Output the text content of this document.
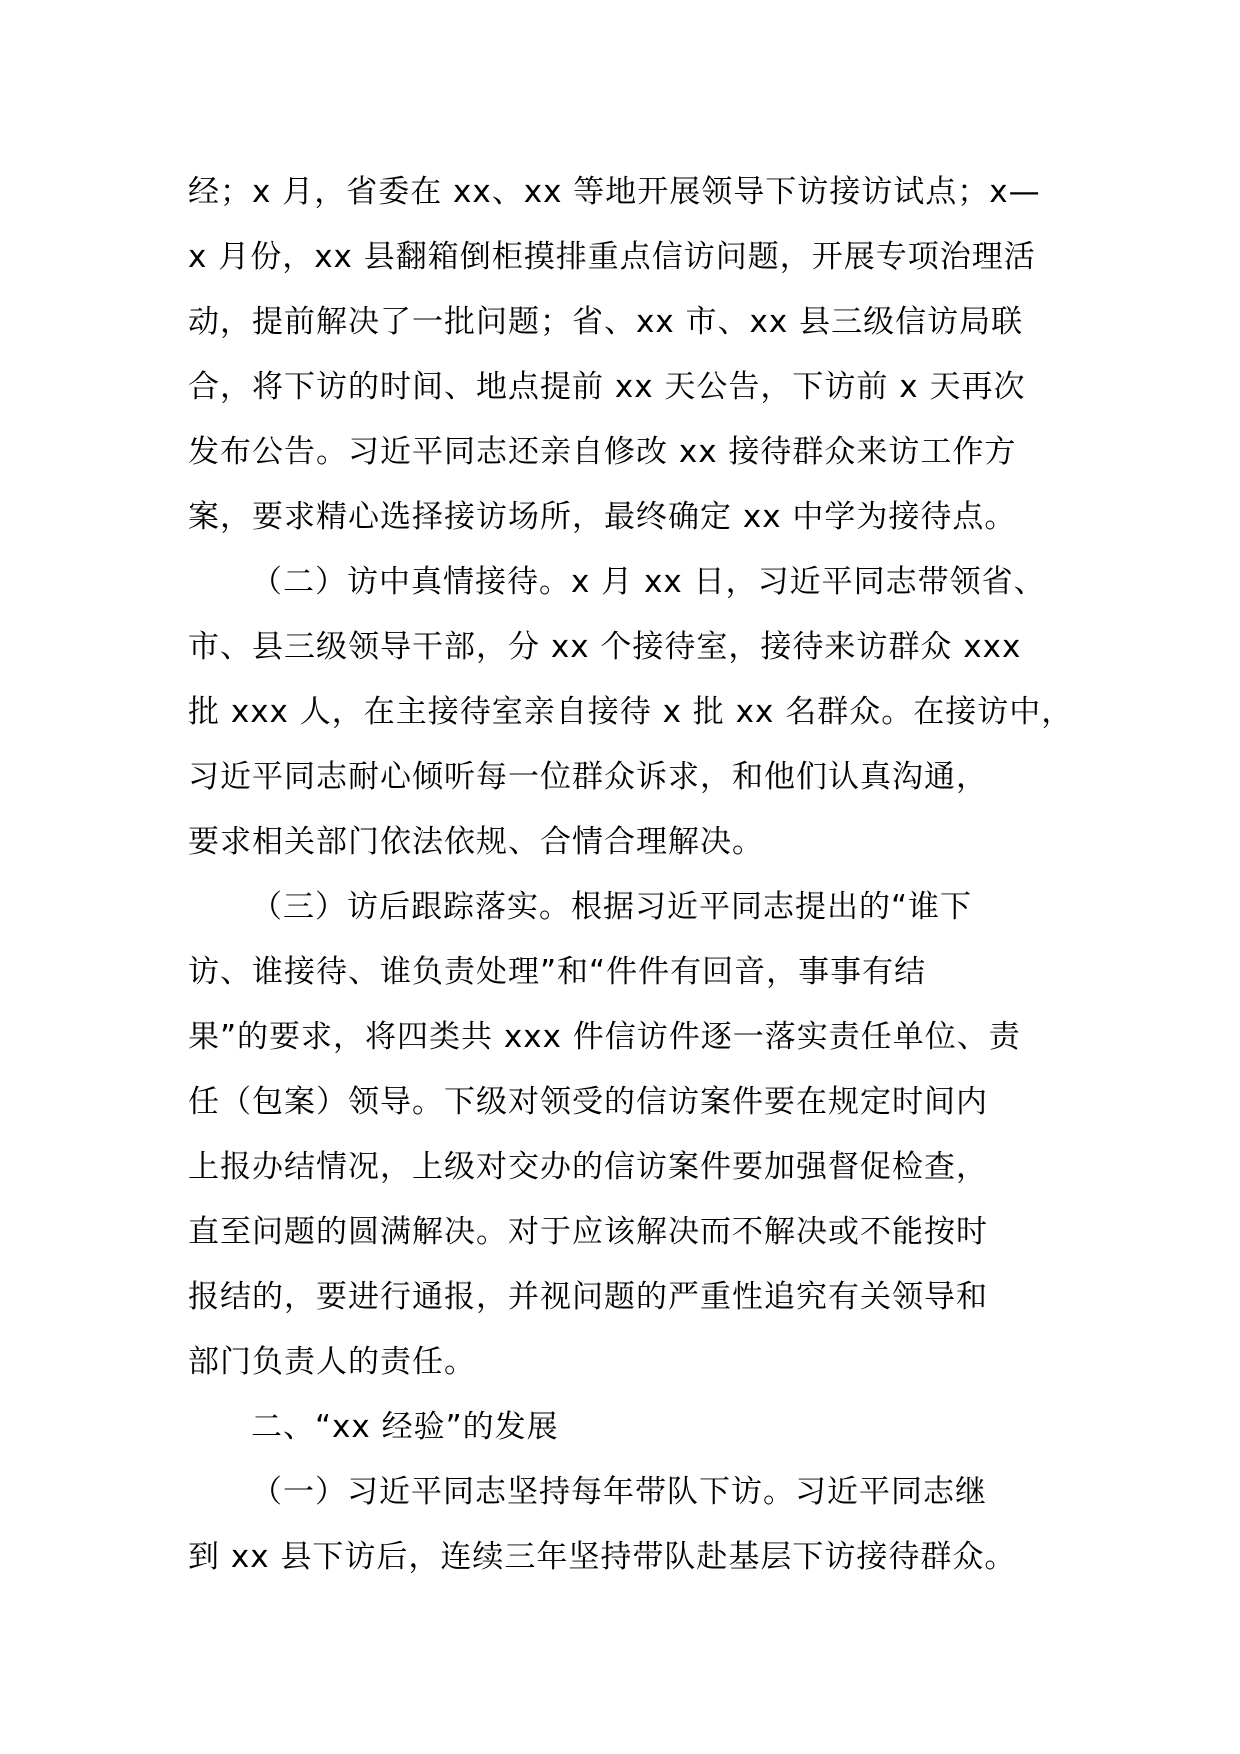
经；x 月，省委在 xx、xx 等地开展领导下访接访试点；x—
x 月份，xx 县翻箱倒柜摸排重点信访问题，开展专项治理活
动，提前解决了一批问题；省、xx 市、xx 县三级信访局联
合，将下访的时间、地点提前 xx 天公告，下访前 x 天再次
发布公告。习近平同志还亲自修改 xx 接待群众来访工作方
案，要求精心选择接访场所，最终确定 xx 中学为接待点。
（二）访中真情接待。x 月 xx 日，习近平同志带领省、
市、县三级领导干部，分 xx 个接待室，接待来访群众 xxx
批 xxx 人，在主接待室亲自接待 x 批 xx 名群众。在接访中，
习近平同志耐心倾听每一位群众诉求，和他们认真沟通，
要求相关部门依法依规、合情合理解决。
（三）访后跟踪落实。根据习近平同志提出的“谁下
访、谁接待、谁负责处理”和“件件有回音，事事有结
果”的要求，将四类共 xxx 件信访件逐一落实责任单位、责
任（包案）领导。下级对领受的信访案件要在规定时间内
上报办结情况，上级对交办的信访案件要加强督促检查，
直至问题的圆满解决。对于应该解决而不解决或不能按时
报结的，要进行通报，并视问题的严重性追究有关领导和
部门负责人的责任。
二、“xx 经验”的发展
（一）习近平同志坚持每年带队下访。习近平同志继
到 xx 县下访后，连续三年坚持带队赴基层下访接待群众。
